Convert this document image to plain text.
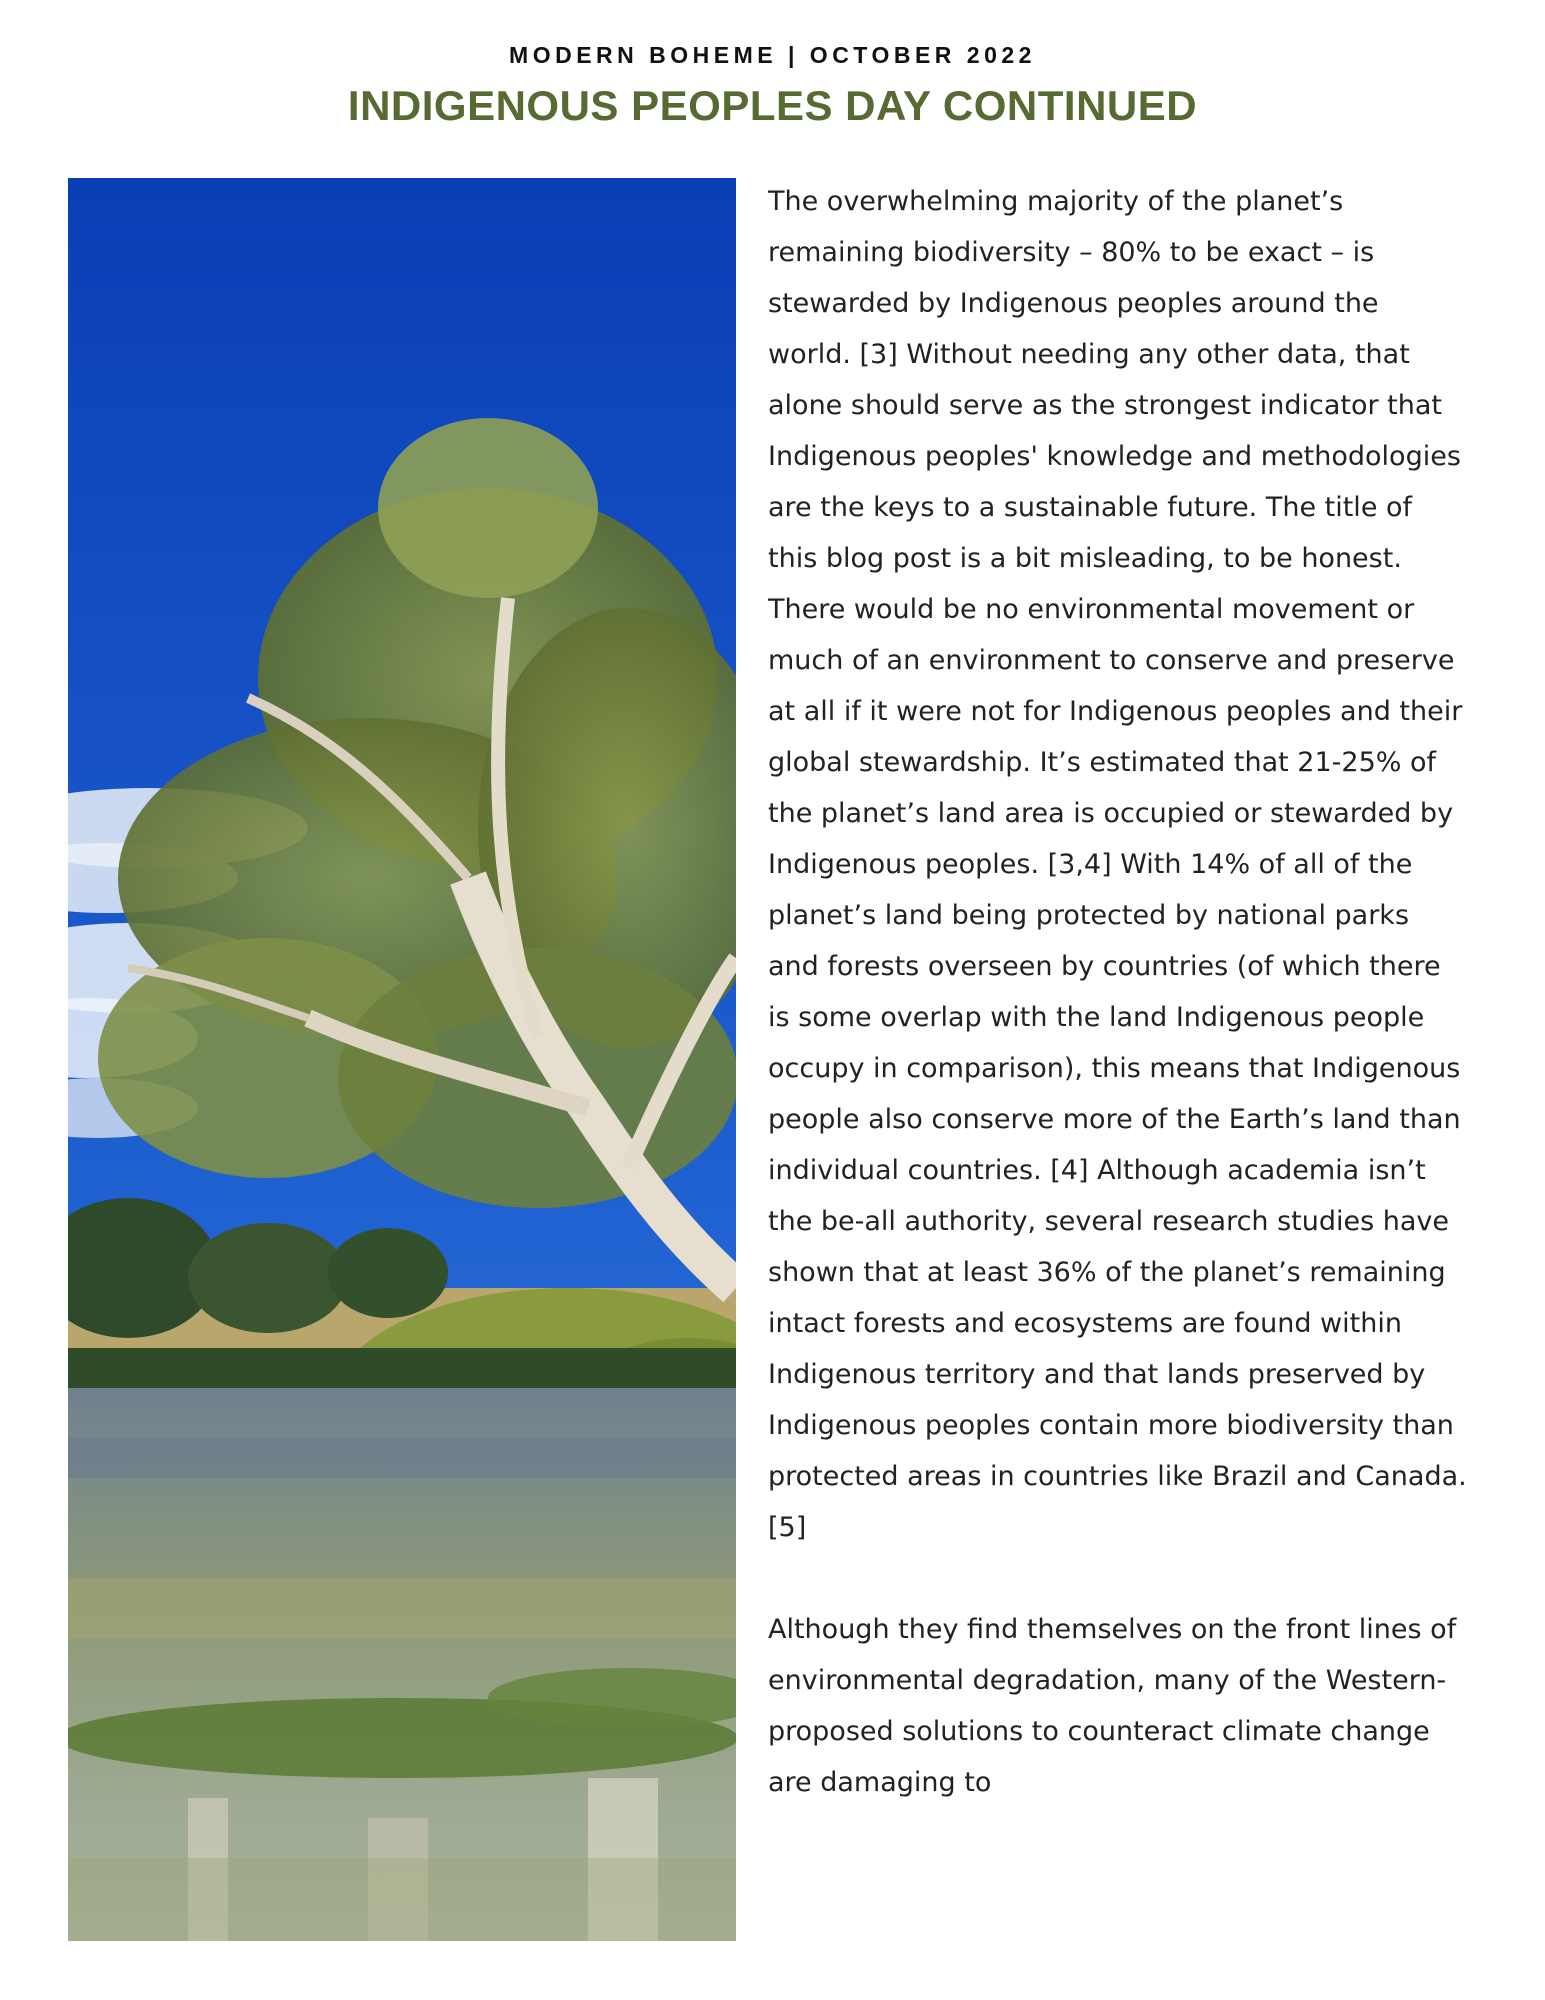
MODERN BOHEME | OCTOBER 2022
INDIGENOUS PEOPLES DAY CONTINUED

The overwhelming majority of the planet’s remaining biodiversity – 80% to be exact – is stewarded by Indigenous peoples around the world. [3] Without needing any other data, that alone should serve as the strongest indicator that Indigenous peoples' knowledge and methodologies are the keys to a sustainable future. The title of this blog post is a bit misleading, to be honest. There would be no environmental movement or much of an environment to conserve and preserve at all if it were not for Indigenous peoples and their global stewardship. It’s estimated that 21-25% of the planet’s land area is occupied or stewarded by Indigenous peoples. [3,4] With 14% of all of the planet’s land being protected by national parks and forests overseen by countries (of which there is some overlap with the land Indigenous people occupy in comparison), this means that Indigenous people also conserve more of the Earth’s land than individual countries. [4] Although academia isn’t the be-all authority, several research studies have shown that at least 36% of the planet’s remaining intact forests and ecosystems are found within Indigenous territory and that lands preserved by Indigenous peoples contain more biodiversity than protected areas in countries like Brazil and Canada. [5]

Although they find themselves on the front lines of environmental degradation, many of the Western-proposed solutions to counteract climate change are damaging to
